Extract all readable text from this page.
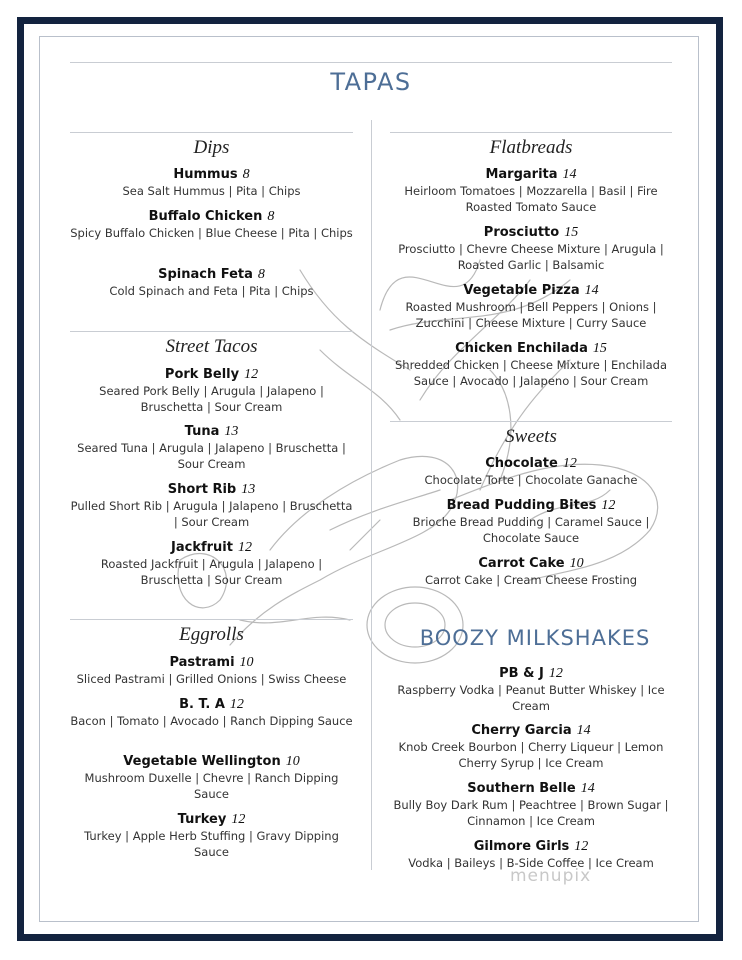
TAPAS
Dips
Hummus 8
Sea Salt Hummus | Pita | Chips
Buffalo Chicken 8
Spicy Buffalo Chicken | Blue Cheese | Pita | Chips
Spinach Feta 8
Cold Spinach and Feta | Pita | Chips
Street Tacos
Pork Belly 12
Seared Pork Belly | Arugula | Jalapeno | Bruschetta | Sour Cream
Tuna 13
Seared Tuna | Arugula | Jalapeno | Bruschetta | Sour Cream
Short Rib 13
Pulled Short Rib | Arugula | Jalapeno | Bruschetta | Sour Cream
Jackfruit 12
Roasted Jackfruit | Arugula | Jalapeno | Bruschetta | Sour Cream
Eggrolls
Pastrami 10
Sliced Pastrami | Grilled Onions | Swiss Cheese
B. T. A 12
Bacon | Tomato | Avocado | Ranch Dipping Sauce
Vegetable Wellington 10
Mushroom Duxelle | Chevre | Ranch Dipping Sauce
Turkey 12
Turkey | Apple Herb Stuffing | Gravy Dipping Sauce
Flatbreads
Margarita 14
Heirloom Tomatoes | Mozzarella | Basil | Fire Roasted Tomato Sauce
Prosciutto 15
Prosciutto | Chevre Cheese Mixture | Arugula | Roasted Garlic | Balsamic
Vegetable Pizza 14
Roasted Mushroom | Bell Peppers | Onions | Zucchini | Cheese Mixture | Curry Sauce
Chicken Enchilada 15
Shredded Chicken | Cheese Mixture | Enchilada Sauce | Avocado | Jalapeno | Sour Cream
Sweets
Chocolate 12
Chocolate Torte | Chocolate Ganache
Bread Pudding Bites 12
Brioche Bread Pudding | Caramel Sauce | Chocolate Sauce
Carrot Cake 10
Carrot Cake | Cream Cheese Frosting
BOOZY MILKSHAKES
PB & J 12
Raspberry Vodka | Peanut Butter Whiskey | Ice Cream
Cherry Garcia 14
Knob Creek Bourbon | Cherry Liqueur | Lemon Cherry Syrup | Ice Cream
Southern Belle 14
Bully Boy Dark Rum | Peachtree | Brown Sugar | Cinnamon | Ice Cream
Gilmore Girls 12
Vodka | Baileys | B-Side Coffee | Ice Cream
menupix
